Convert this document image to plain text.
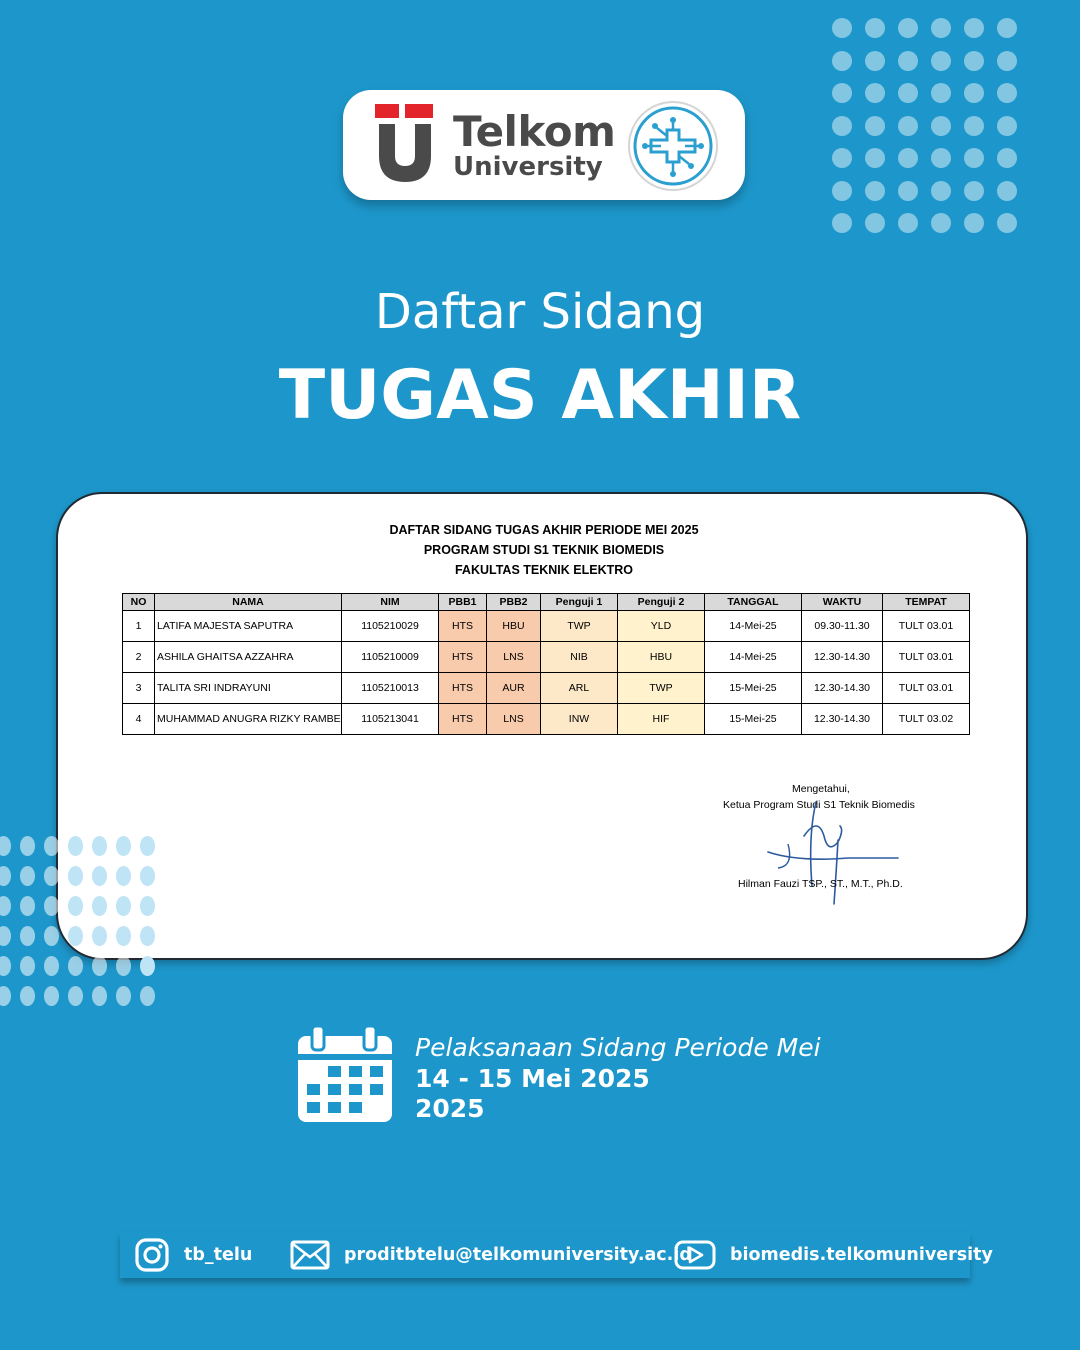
Telkom
University
Daftar Sidang
TUGAS AKHIR
DAFTAR SIDANG TUGAS AKHIR PERIODE MEI 2025
PROGRAM STUDI S1 TEKNIK BIOMEDIS
FAKULTAS TEKNIK ELEKTRO
NO	NAMA	NIM	PBB1	PBB2	Penguji 1	Penguji 2	TANGGAL	WAKTU	TEMPAT
1	LATIFA MAJESTA SAPUTRA	1105210029	HTS	HBU	TWP	YLD	14-Mei-25	09.30-11.30	TULT 03.01
2	ASHILA GHAITSA AZZAHRA	1105210009	HTS	LNS	NIB	HBU	14-Mei-25	12.30-14.30	TULT 03.01
3	TALITA SRI INDRAYUNI	1105210013	HTS	AUR	ARL	TWP	15-Mei-25	12.30-14.30	TULT 03.01
4	MUHAMMAD ANUGRA RIZKY RAMBE	1105213041	HTS	LNS	INW	HIF	15-Mei-25	12.30-14.30	TULT 03.02
Mengetahui,
Ketua Program Studi S1 Teknik Biomedis
Hilman Fauzi TSP., ST., M.T., Ph.D.
Pelaksanaan Sidang Periode Mei
14 - 15 Mei 2025
2025
tb_telu	proditbtelu@telkomuniversity.ac.id biomedis.telkomuniversity
